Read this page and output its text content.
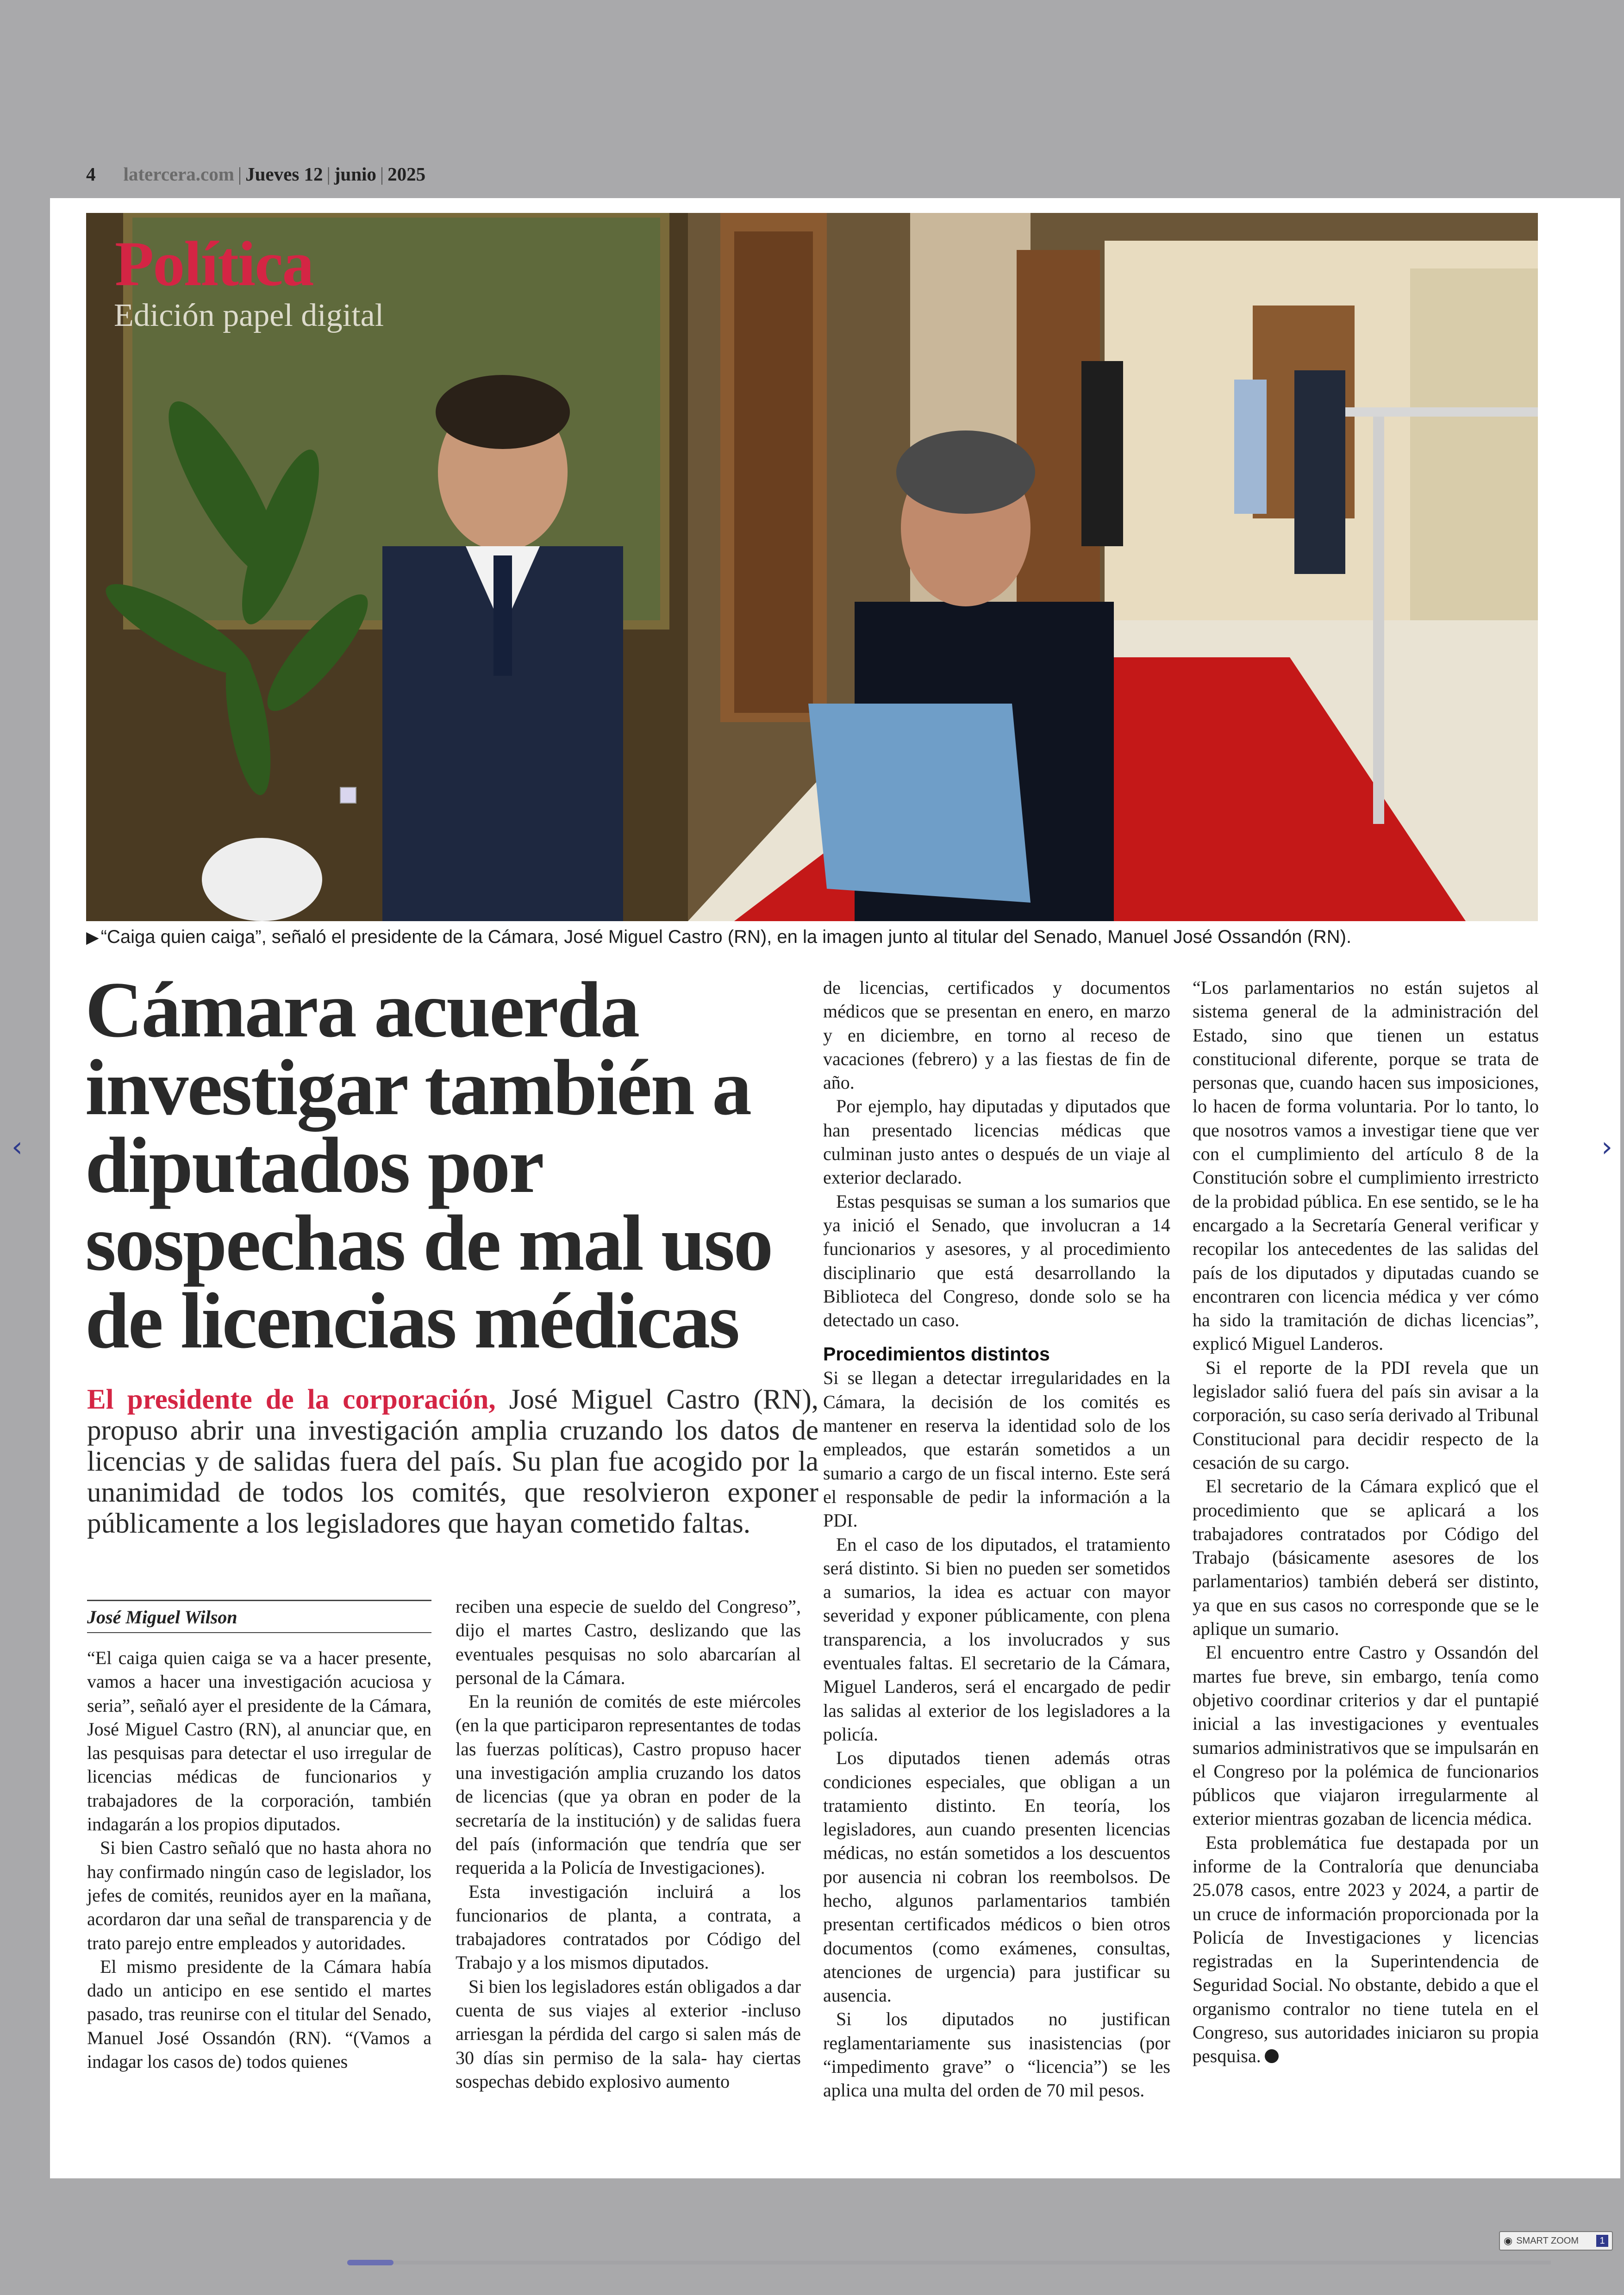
4 latercera.com | Jueves 12 | junio | 2025
Política
Edición papel digital
▶ “Caiga quien caiga”, señaló el presidente de la Cámara, José Miguel Castro (RN), en la imagen junto al titular del Senado, Manuel José Ossandón (RN).
Cámara acuerda investigar también a diputados por sospechas de mal uso de licencias médicas
El presidente de la corporación, José Miguel Castro (RN), propuso abrir una investigación amplia cruzando los datos de licencias y de salidas fuera del país. Su plan fue acogido por la unanimidad de todos los comités, que resolvieron exponer públicamente a los legisladores que hayan cometido faltas.
José Miguel Wilson

“El caiga quien caiga se va a hacer presente, vamos a hacer una investigación acuciosa y seria”, señaló ayer el presidente de la Cámara, José Miguel Castro (RN), al anunciar que, en las pesquisas para detectar el uso irregular de licencias médicas de funcionarios y trabajadores de la corporación, también indagarán a los propios diputados.

Si bien Castro señaló que no hasta ahora no hay confirmado ningún caso de legislador, los jefes de comités, reunidos ayer en la mañana, acordaron dar una señal de transparencia y de trato parejo entre empleados y autoridades.

El mismo presidente de la Cámara había dado un anticipo en ese sentido el martes pasado, tras reunirse con el titular del Senado, Manuel José Ossandón (RN). “(Vamos a indagar los casos de) todos quienes

reciben una especie de sueldo del Congreso”, dijo el martes Castro, deslizando que las eventuales pesquisas no solo abarcarían al personal de la Cámara.

En la reunión de comités de este miércoles (en la que participaron representantes de todas las fuerzas políticas), Castro propuso hacer una investigación amplia cruzando los datos de licencias (que ya obran en poder de la secretaría de la institución) y de salidas fuera del país (información que tendría que ser requerida a la Policía de Investigaciones).

Esta investigación incluirá a los funcionarios de planta, a contrata, a trabajadores contratados por Código del Trabajo y a los mismos diputados.

Si bien los legisladores están obligados a dar cuenta de sus viajes al exterior -incluso arriesgan la pérdida del cargo si salen más de 30 días sin permiso de la sala- hay ciertas sospechas debido explosivo aumento

de licencias, certificados y documentos médicos que se presentan en enero, en marzo y en diciembre, en torno al receso de vacaciones (febrero) y a las fiestas de fin de año.

Por ejemplo, hay diputadas y diputados que han presentado licencias médicas que culminan justo antes o después de un viaje al exterior declarado.

Estas pesquisas se suman a los sumarios que ya inició el Senado, que involucran a 14 funcionarios y asesores, y al procedimiento disciplinario que está desarrollando la Biblioteca del Congreso, donde solo se ha detectado un caso.

Procedimientos distintos

Si se llegan a detectar irregularidades en la Cámara, la decisión de los comités es mantener en reserva la identidad solo de los empleados, que estarán sometidos a un sumario a cargo de un fiscal interno. Este será el responsable de pedir la información a la PDI.

En el caso de los diputados, el tratamiento será distinto. Si bien no pueden ser sometidos a sumarios, la idea es actuar con mayor severidad y exponer públicamente, con plena transparencia, a los involucrados y sus eventuales faltas. El secretario de la Cámara, Miguel Landeros, será el encargado de pedir las salidas al exterior de los legisladores a la policía.

Los diputados tienen además otras condiciones especiales, que obligan a un tratamiento distinto. En teoría, los legisladores, aun cuando presenten licencias médicas, no están sometidos a los descuentos por ausencia ni cobran los reembolsos. De hecho, algunos parlamentarios también presentan certificados médicos o bien otros documentos (como exámenes, consultas, atenciones de urgencia) para justificar su ausencia.

Si los diputados no justifican reglamentariamente sus inasistencias (por “impedimento grave” o “licencia”) se les aplica una multa del orden de 70 mil pesos.

“Los parlamentarios no están sujetos al sistema general de la administración del Estado, sino que tienen un estatus constitucional diferente, porque se trata de personas que, cuando hacen sus imposiciones, lo hacen de forma voluntaria. Por lo tanto, lo que nosotros vamos a investigar tiene que ver con el cumplimiento del artículo 8 de la Constitución sobre el cumplimiento irrestricto de la probidad pública. En ese sentido, se le ha encargado a la Secretaría General verificar y recopilar los antecedentes de las salidas del país de los diputados y diputadas cuando se encontraren con licencia médica y ver cómo ha sido la tramitación de dichas licencias”, explicó Miguel Landeros.

Si el reporte de la PDI revela que un legislador salió fuera del país sin avisar a la corporación, su caso sería derivado al Tribunal Constitucional para decidir respecto de la cesación de su cargo.

El secretario de la Cámara explicó que el procedimiento que se aplicará a los trabajadores contratados por Código del Trabajo (básicamente asesores de los parlamentarios) también deberá ser distinto, ya que en sus casos no corresponde que se le aplique un sumario.

El encuentro entre Castro y Ossandón del martes fue breve, sin embargo, tenía como objetivo coordinar criterios y dar el puntapié inicial a las investigaciones y eventuales sumarios administrativos que se impulsarán en el Congreso por la polémica de funcionarios públicos que viajaron irregularmente al exterior mientras gozaban de licencia médica.

Esta problemática fue destapada por un informe de la Contraloría que denunciaba 25.078 casos, entre 2023 y 2024, a partir de un cruce de información proporcionada por la Policía de Investigaciones y licencias registradas en la Superintendencia de Seguridad Social. No obstante, debido a que el organismo contralor no tiene tutela en el Congreso, sus autoridades iniciaron su propia pesquisa.

‹	›
◉ SMART ZOOM	1
